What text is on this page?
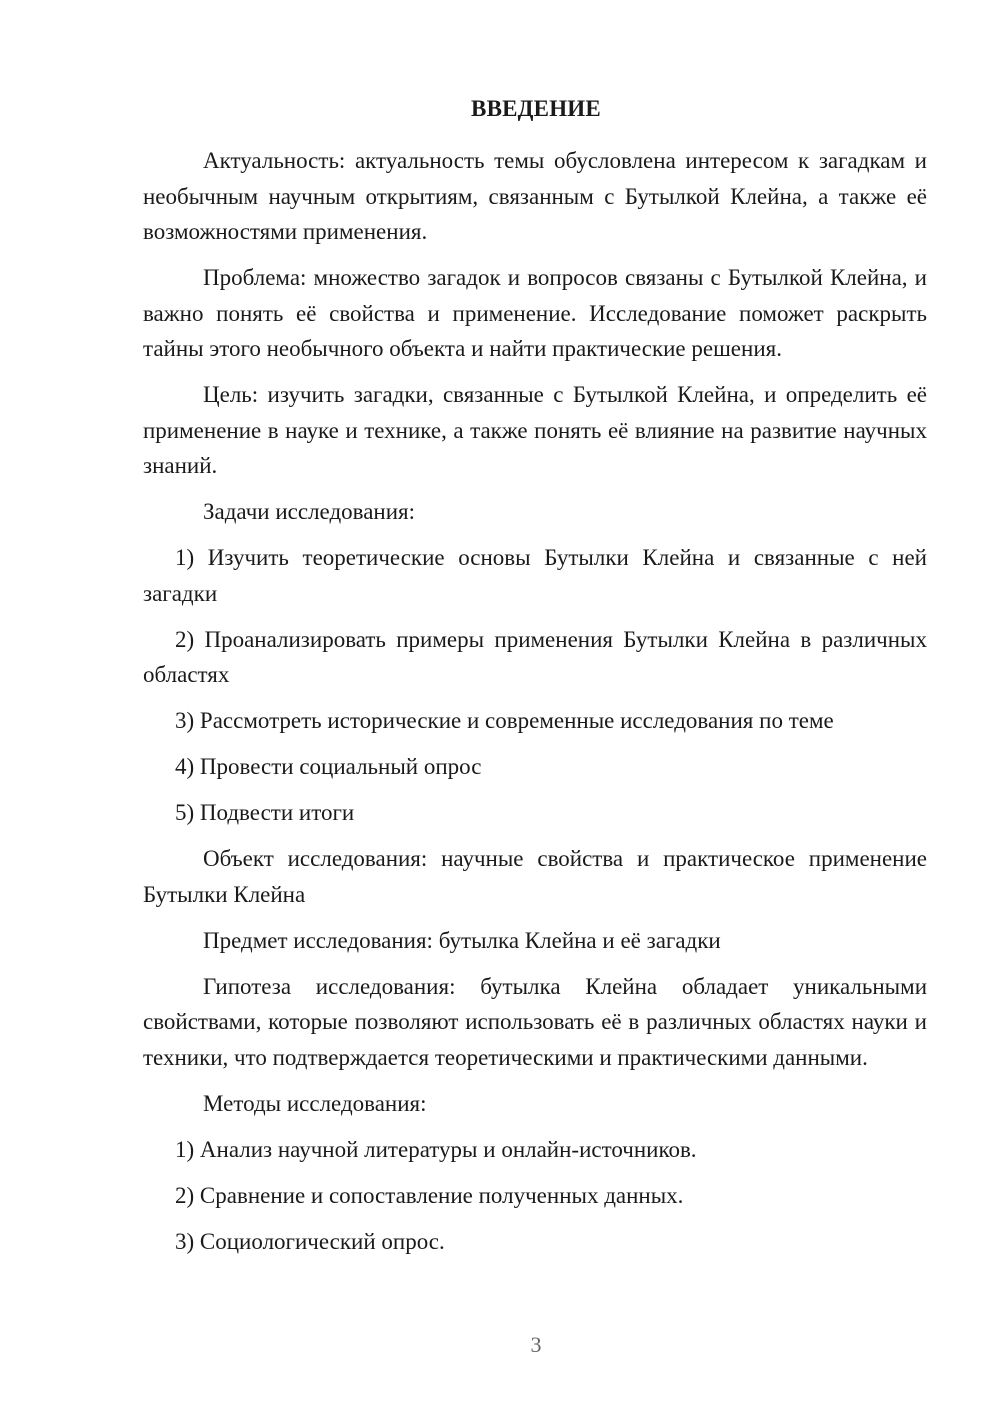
ВВЕДЕНИЕ

Актуальность: актуальность темы обусловлена интересом к загадкам и необычным научным открытиям, связанным с Бутылкой Клейна, а также её возможностями применения.

Проблема: множество загадок и вопросов связаны с Бутылкой Клейна, и важно понять её свойства и применение. Исследование поможет раскрыть тайны этого необычного объекта и найти практические решения.

Цель: изучить загадки, связанные с Бутылкой Клейна, и определить её применение в науке и технике, а также понять её влияние на развитие научных знаний.

Задачи исследования:

1) Изучить теоретические основы Бутылки Клейна и связанные с ней загадки

2) Проанализировать примеры применения Бутылки Клейна в различных областях

3) Рассмотреть исторические и современные исследования по теме

4) Провести социальный опрос

5) Подвести итоги

Объект исследования: научные свойства и практическое применение Бутылки Клейна

Предмет исследования: бутылка Клейна и её загадки

Гипотеза исследования: бутылка Клейна обладает уникальными свойствами, которые позволяют использовать её в различных областях науки и техники, что подтверждается теоретическими и практическими данными.

Методы исследования:

1) Анализ научной литературы и онлайн-источников.

2) Сравнение и сопоставление полученных данных.

3) Социологический опрос.

3
